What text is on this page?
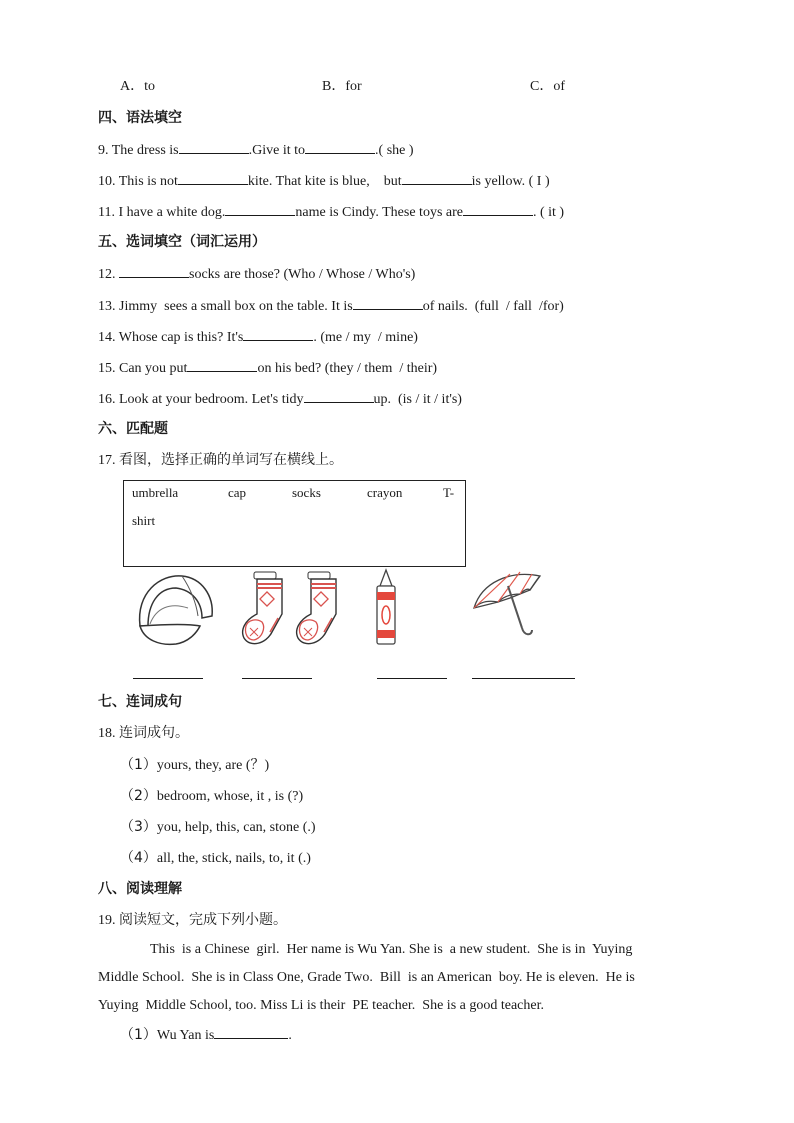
A．to	B．for	C．of
四、语法填空
9. The dress is	.Give it to	.( she )
10. This is not	kite. That kite is blue,    but	is yellow. ( I )
11. I have a white dog.	name is Cindy. These toys are	. ( it )
五、选词填空（词汇运用）
12.	socks are those? (Who / Whose / Who's)
13. Jimmy  sees a small box on the table. It is	of nails.  (full  / fall  /for)
14. Whose cap is this? It's	. (me / my  / mine)
15. Can you put	on his bed? (they / them  / their)
16. Look at your bedroom. Let's tidy	up.  (is / it / it's)
六、匹配题
17. 看图，选择正确的单词写在横线上。
umbrella	cap	socks	crayon	T-
shirt
七、连词成句
18. 连词成句。
（1）yours, they, are (？)
（2）bedroom, whose, it , is (?)
（3）you, help, this, can, stone (.)
（4）all, the, stick, nails, to, it (.)
八、阅读理解
19. 阅读短文，完成下列小题。
This  is a Chinese  girl.  Her name is Wu Yan. She is  a new student.  She is in  Yuying
Middle School.  She is in Class One, Grade Two.  Bill  is an American  boy. He is eleven.  He is
Yuying  Middle School, too. Miss Li is their  PE teacher.  She is a good teacher.
（1）Wu Yan is	.
